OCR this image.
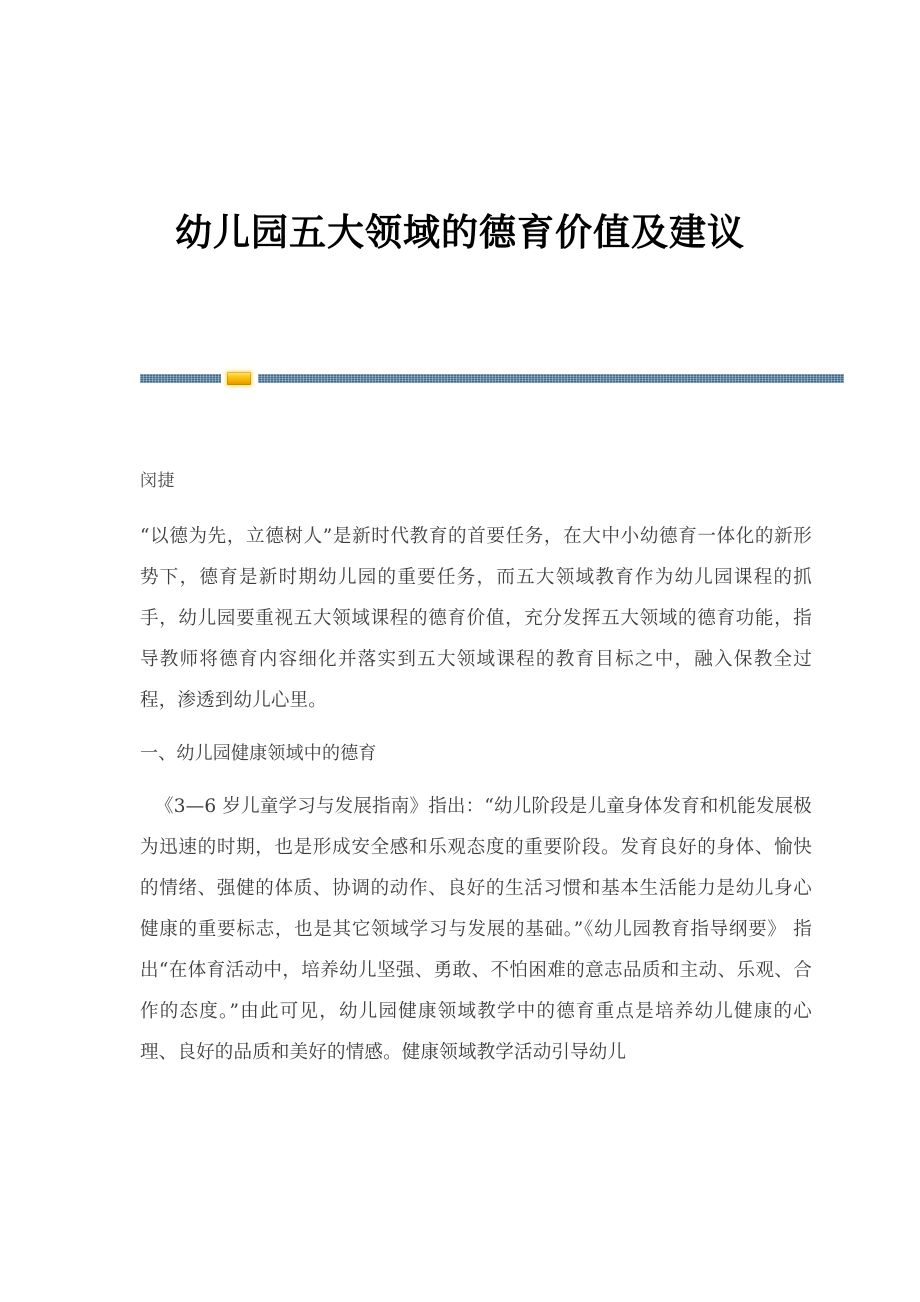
幼儿园五大领域的德育价值及建议

闵捷

“以德为先，立德树人”是新时代教育的首要任务，在大中小幼德育一体化的新形势下，德育是新时期幼儿园的重要任务，而五大领域教育作为幼儿园课程的抓手，幼儿园要重视五大领域课程的德育价值，充分发挥五大领域的德育功能，指导教师将德育内容细化并落实到五大领域课程的教育目标之中，融入保教全过程，渗透到幼儿心里。

一、幼儿园健康领域中的德育

《3—6 岁儿童学习与发展指南》指出：“幼儿阶段是儿童身体发育和机能发展极为迅速的时期，也是形成安全感和乐观态度的重要阶段。发育良好的身体、愉快的情绪、强健的体质、协调的动作、良好的生活习惯和基本生活能力是幼儿身心健康的重要标志，也是其它领域学习与发展的基础。”《幼儿园教育指导纲要》 指出“在体育活动中，培养幼儿坚强、勇敢、不怕困难的意志品质和主动、乐观、合作的态度。”由此可见，幼儿园健康领域教学中的德育重点是培养幼儿健康的心理、良好的品质和美好的情感。健康领域教学活动引导幼儿
